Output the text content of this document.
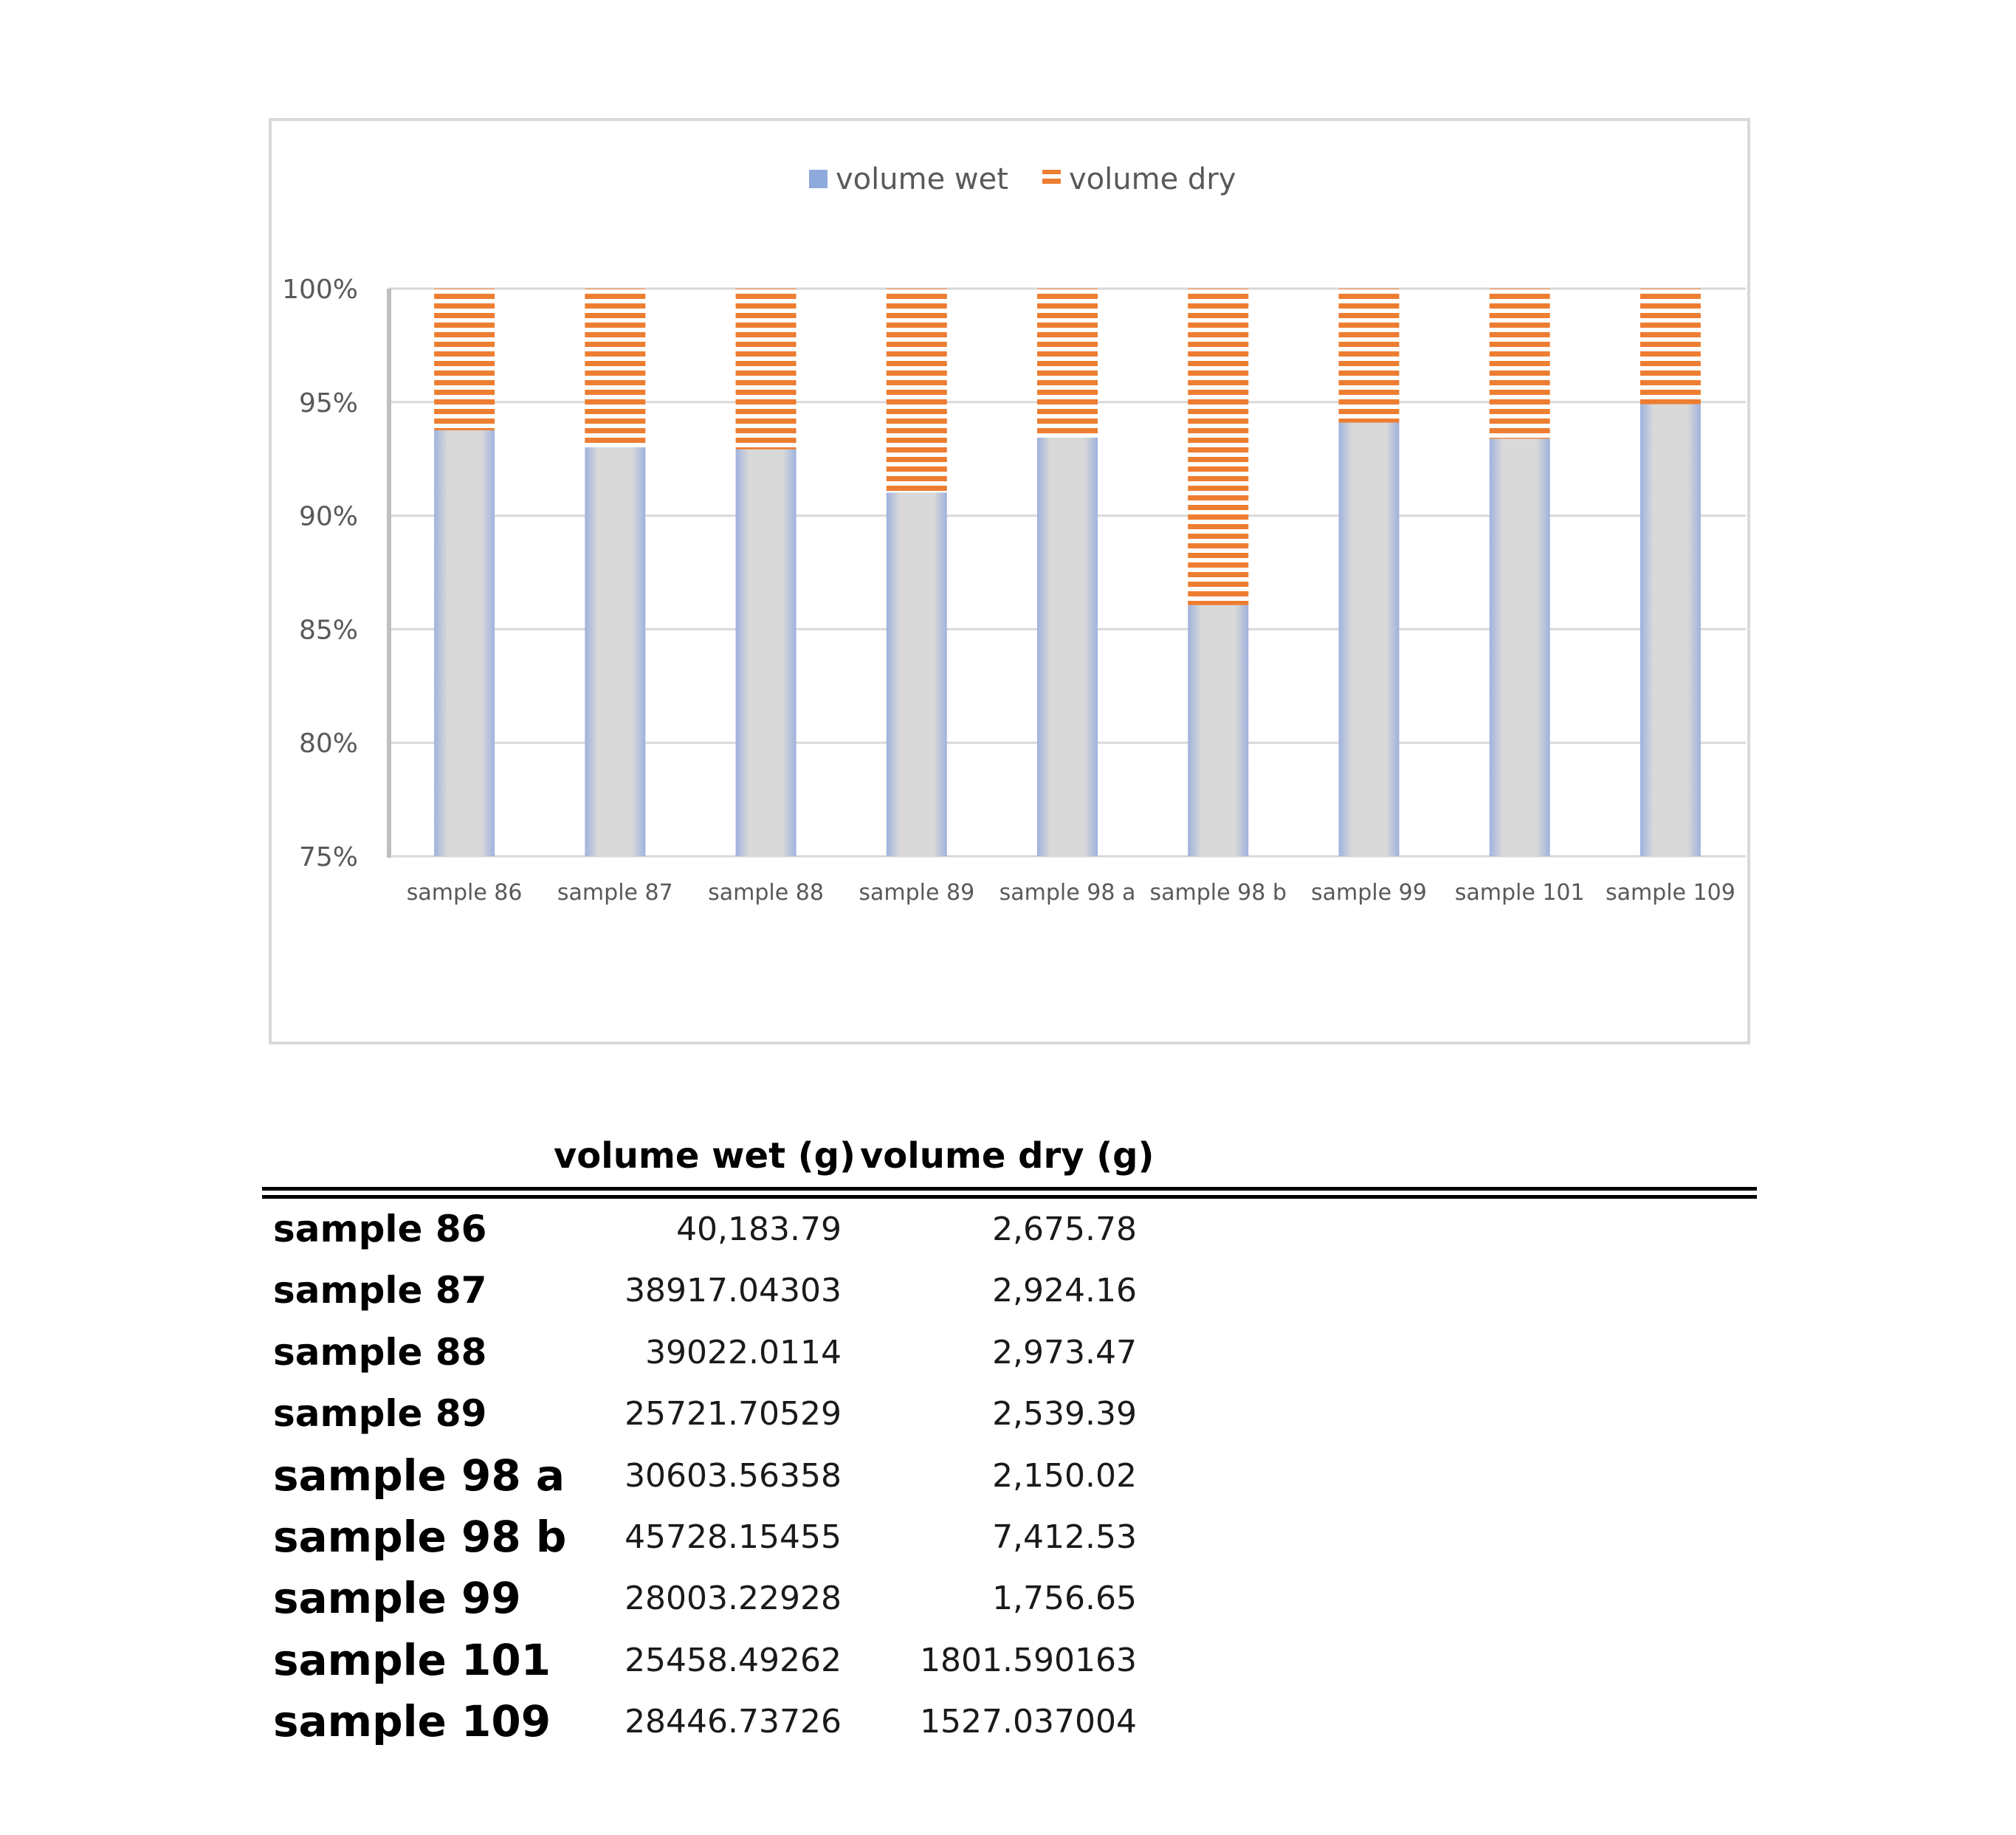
volume wet volume dry
75%
80%
85%
90%
95%
100%
sample 86 sample 87 sample 88 sample 89 sample 98 a sample 98 b sample 99 sample 101 sample 109
volume wet (g) volume dry (g)
sample 86	40,183.79	2,675.78
sample 87	38917.04303	2,924.16
sample 88	39022.0114	2,973.47
sample 89	25721.70529	2,539.39
sample 98 a	30603.56358	2,150.02
sample 98 b	45728.15455	7,412.53
sample 99	28003.22928	1,756.65
sample 101	25458.49262	1801.590163
sample 109	28446.73726	1527.037004
